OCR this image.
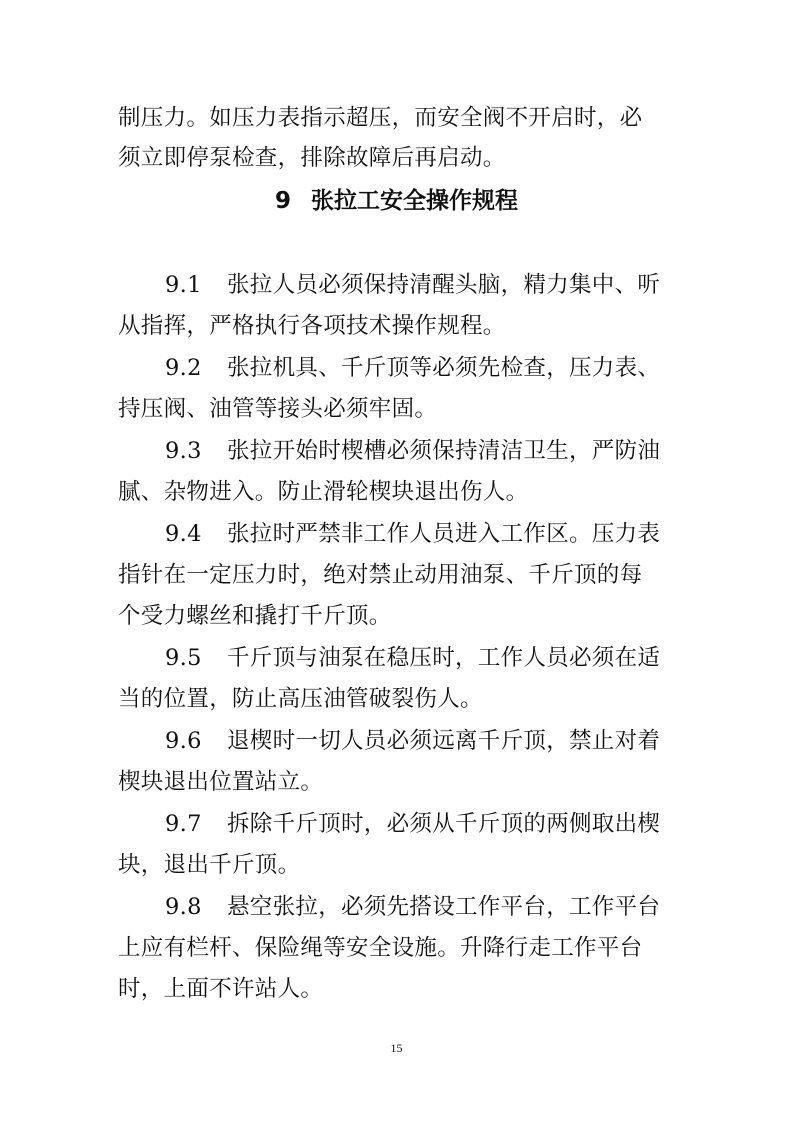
制压力。如压力表指示超压，而安全阀不开启时，必
须立即停泵检查，排除故障后再启动。
9 张拉工安全操作规程
9.1 张拉人员必须保持清醒头脑，精力集中、听
从指挥，严格执行各项技术操作规程。
9.2 张拉机具、千斤顶等必须先检查，压力表、
持压阀、油管等接头必须牢固。
9.3 张拉开始时楔槽必须保持清洁卫生，严防油
腻、杂物进入。防止滑轮楔块退出伤人。
9.4 张拉时严禁非工作人员进入工作区。压力表
指针在一定压力时，绝对禁止动用油泵、千斤顶的每
个受力螺丝和撬打千斤顶。
9.5 千斤顶与油泵在稳压时，工作人员必须在适
当的位置，防止高压油管破裂伤人。
9.6 退楔时一切人员必须远离千斤顶，禁止对着
楔块退出位置站立。
9.7 拆除千斤顶时，必须从千斤顶的两侧取出楔
块，退出千斤顶。
9.8 悬空张拉，必须先搭设工作平台，工作平台
上应有栏杆、保险绳等安全设施。升降行走工作平台
时，上面不许站人。
15
